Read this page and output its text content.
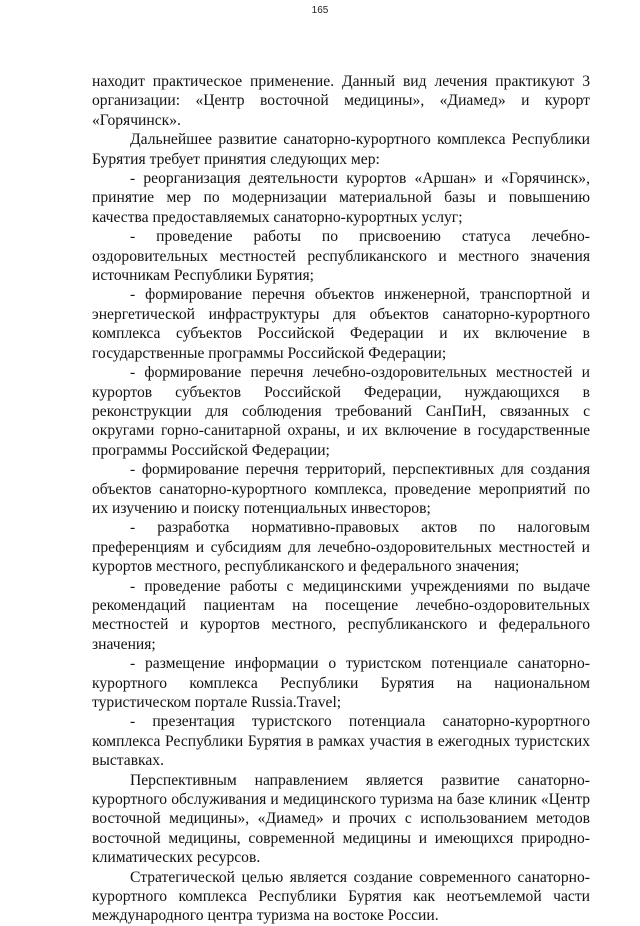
165

находит практическое применение. Данный вид лечения практикуют 3 организации: «Центр восточной медицины», «Диамед» и курорт «Горячинск».

Дальнейшее развитие санаторно-курортного комплекса Республики Бурятия требует принятия следующих мер:

- реорганизация деятельности курортов «Аршан» и «Горячинск», принятие мер по модернизации материальной базы и повышению качества предоставляемых санаторно-курортных услуг;

- проведение работы по присвоению статуса лечебно-оздоровительных местностей республиканского и местного значения источникам Республики Бурятия;

- формирование перечня объектов инженерной, транспортной и энергетической инфраструктуры для объектов санаторно-курортного комплекса субъектов Российской Федерации и их включение в государственные программы Российской Федерации;

- формирование перечня лечебно-оздоровительных местностей и курортов субъектов Российской Федерации, нуждающихся в реконструкции для соблюдения требований СанПиН, связанных с округами горно-санитарной охраны, и их включение в государственные программы Российской Федерации;

- формирование перечня территорий, перспективных для создания объектов санаторно-курортного комплекса, проведение мероприятий по их изучению и поиску потенциальных инвесторов;

- разработка нормативно-правовых актов по налоговым преференциям и субсидиям для лечебно-оздоровительных местностей и курортов местного, республиканского и федерального значения;

- проведение работы с медицинскими учреждениями по выдаче рекомендаций пациентам на посещение лечебно-оздоровительных местностей и курортов местного, республиканского и федерального значения;

- размещение информации о туристском потенциале санаторно-курортного комплекса Республики Бурятия на национальном туристическом портале Russia.Travel;

- презентация туристского потенциала санаторно-курортного комплекса Республики Бурятия в рамках участия в ежегодных туристских выставках.

Перспективным направлением является развитие санаторно-курортного обслуживания и медицинского туризма на базе клиник «Центр восточной медицины», «Диамед» и прочих с использованием методов восточной медицины, современной медицины и имеющихся природно-климатических ресурсов.

Стратегической целью является создание современного санаторно-курортного комплекса Республики Бурятия как неотъемлемой части международного центра туризма на востоке России.
